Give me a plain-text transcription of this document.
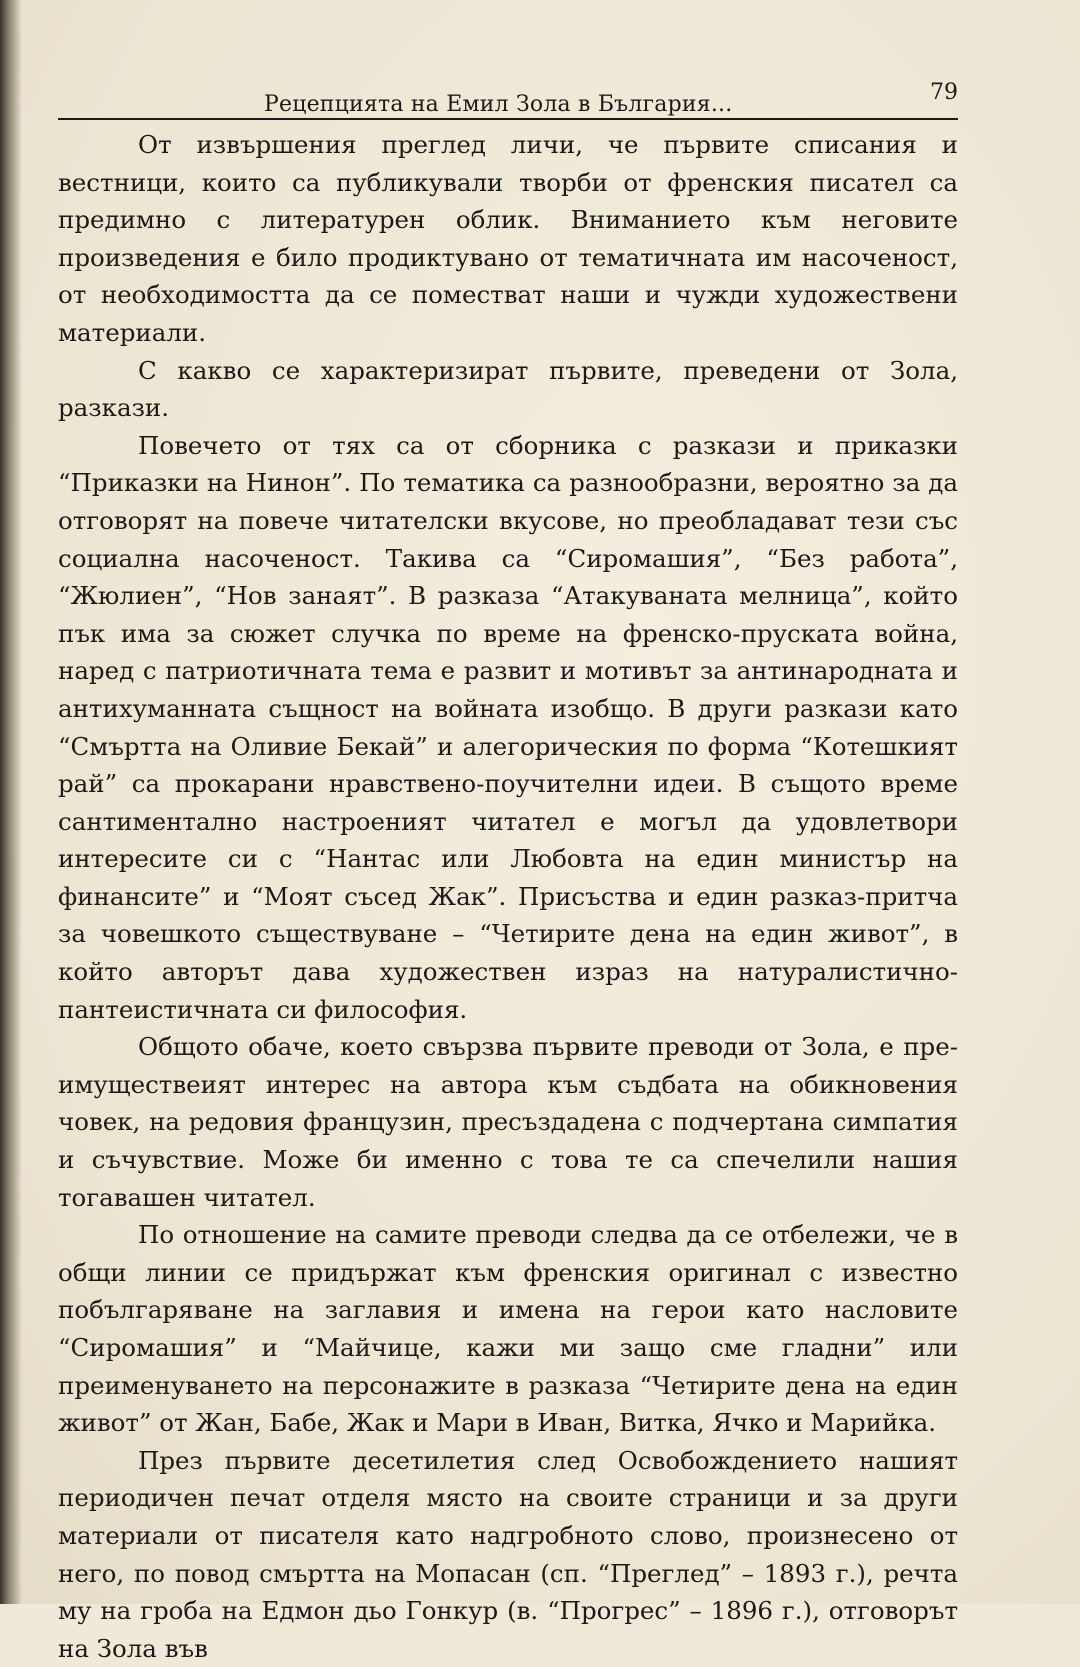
Рецепцията на Емил Зола в България...	79

От извършения преглед личи, че първите списания и вестници, които са публикували творби от френския писател са предимно с литературен облик. Вниманието към неговите произведения е било продиктувано от тематичната им насоченост, от необходимостта да се поместват наши и чужди художествени материали.

С какво се характеризират първите, преведени от Зола, разкази.

Повечето от тях са от сборника с разкази и приказки “Приказки на Нинон”. По тематика са разнообразни, вероятно за да отговорят на повече читателски вкусове, но преобладават тези със социална насоченост. Такива са “Сиромашия”, “Без работа”, “Жюлиен”, “Нов занаят”. В разказа “Атакуваната мелница”, който пък има за сюжет случка по време на френско-пруската война, наред с патриотичната тема е развит и мотивът за антинародната и антихуманната същност на войната изобщо. В други разкази като “Смъртта на Оливие Бекай” и алегорическия по форма “Котешкият рай” са прокарани нравствено-поучителни идеи. В същото време сантиментално настроеният читател е могъл да удовлетвори интересите си с “Нантас или Любовта на един министър на финансите” и “Моят съсед Жак”. Присъства и един разказ-притча за човешкото съществуване – “Четирите дена на един живот”, в който авторът дава художествен израз на натуралистично-пантеистичната си философия.

Общото обаче, което свързва първите преводи от Зола, е преимуществеият интерес на автора към съдбата на обикновения човек, на редовия французин, пресъздадена с подчертана симпатия и съчувствие. Може би именно с това те са спечелили нашия тогавашен читател.

По отношение на самите преводи следва да се отбележи, че в общи линии се придържат към френския оригинал с известно побългаряване на заглавия и имена на герои като насловите “Сиромашия” и “Майчице, кажи ми защо сме гладни” или преименуването на персонажите в разказа “Четирите дена на един живот” от Жан, Бабе, Жак и Мари в Иван, Витка, Ячко и Марийка.

През първите десетилетия след Освобождението нашият периодичен печат отделя място на своите страници и за други материали от писателя като надгробното слово, произнесено от него, по повод смъртта на Мопасан (сп. “Преглед” – 1893 г.), речта му на гроба на Едмон дьо Гонкур (в. “Прогрес” – 1896 г.), отговорът на Зола във
